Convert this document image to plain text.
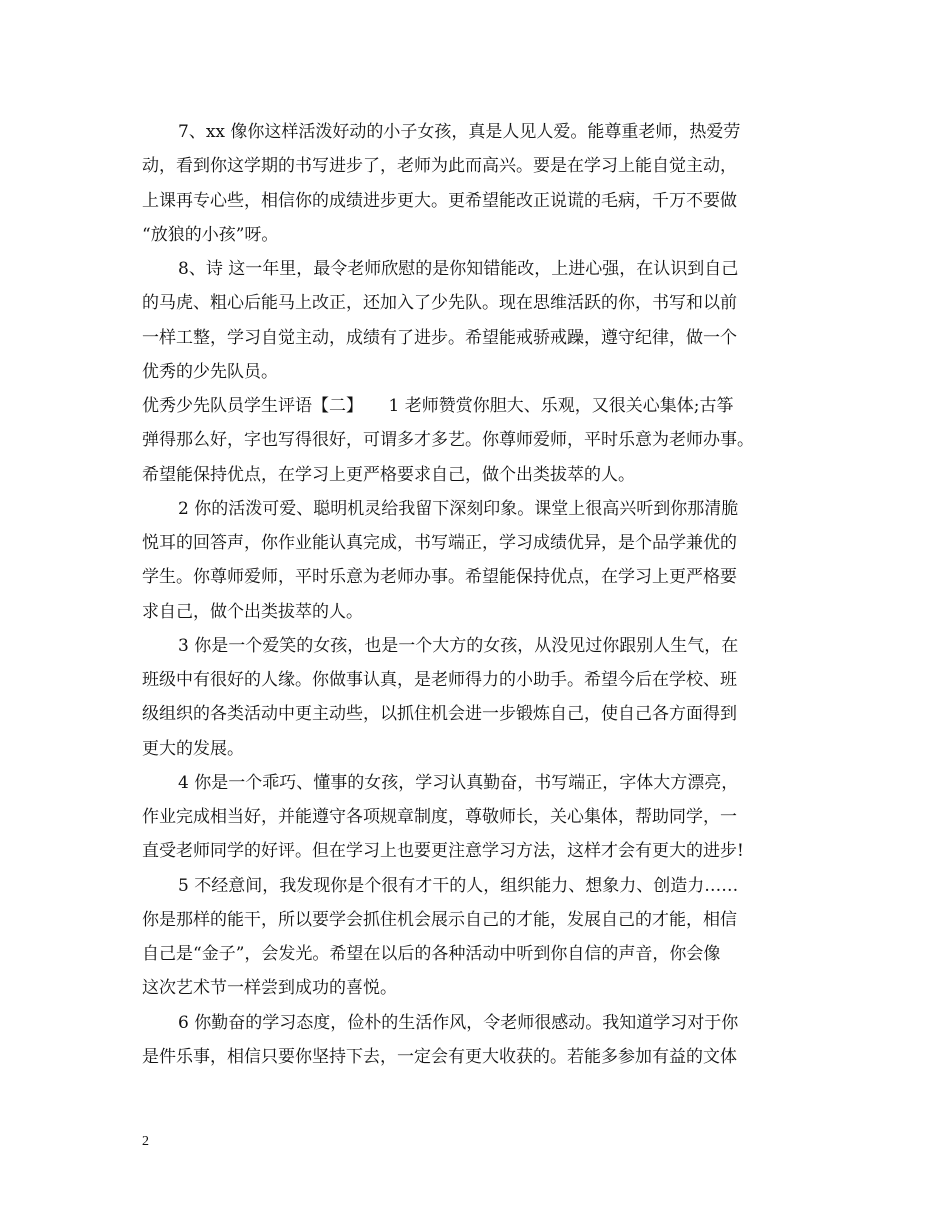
7、xx 像你这样活泼好动的小子女孩，真是人见人爱。能尊重老师，热爱劳
动，看到你这学期的书写进步了，老师为此而高兴。要是在学习上能自觉主动，
上课再专心些，相信你的成绩进步更大。更希望能改正说谎的毛病，千万不要做
“放狼的小孩”呀。
8、诗 这一年里，最令老师欣慰的是你知错能改，上进心强，在认识到自己
的马虎、粗心后能马上改正，还加入了少先队。现在思维活跃的你，书写和以前
一样工整，学习自觉主动，成绩有了进步。希望能戒骄戒躁，遵守纪律，做一个
优秀的少先队员。
优秀少先队员学生评语【二】　　1 老师赞赏你胆大、乐观，又很关心集体;古筝
弹得那么好，字也写得很好，可谓多才多艺。你尊师爱师，平时乐意为老师办事。
希望能保持优点，在学习上更严格要求自己，做个出类拔萃的人。
2 你的活泼可爱、聪明机灵给我留下深刻印象。课堂上很高兴听到你那清脆
悦耳的回答声，你作业能认真完成，书写端正，学习成绩优异，是个品学兼优的
学生。你尊师爱师，平时乐意为老师办事。希望能保持优点，在学习上更严格要
求自己，做个出类拔萃的人。
3 你是一个爱笑的女孩，也是一个大方的女孩，从没见过你跟别人生气，在
班级中有很好的人缘。你做事认真，是老师得力的小助手。希望今后在学校、班
级组织的各类活动中更主动些，以抓住机会进一步锻炼自己，使自己各方面得到
更大的发展。
4 你是一个乖巧、懂事的女孩，学习认真勤奋，书写端正，字体大方漂亮，
作业完成相当好，并能遵守各项规章制度，尊敬师长，关心集体，帮助同学，一
直受老师同学的好评。但在学习上也要更注意学习方法，这样才会有更大的进步!
5 不经意间，我发现你是个很有才干的人，组织能力、想象力、创造力……
你是那样的能干，所以要学会抓住机会展示自己的才能，发展自己的才能，相信
自己是“金子”，会发光。希望在以后的各种活动中听到你自信的声音，你会像
这次艺术节一样尝到成功的喜悦。
6 你勤奋的学习态度，俭朴的生活作风，令老师很感动。我知道学习对于你
是件乐事，相信只要你坚持下去，一定会有更大收获的。若能多参加有益的文体
2
